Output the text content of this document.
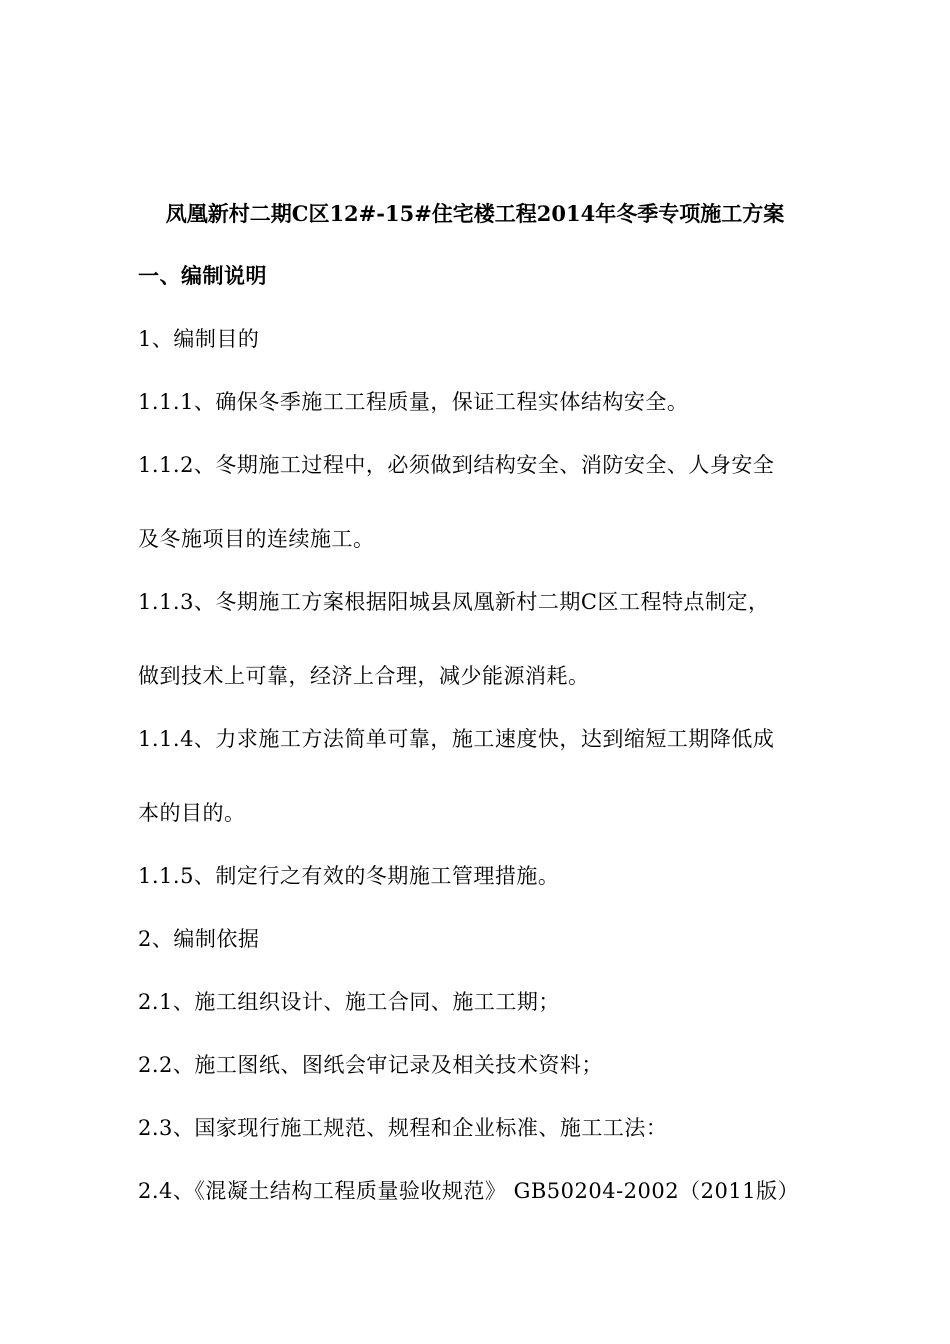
凤凰新村二期C区12#-15#住宅楼工程2014年冬季专项施工方案
一、编制说明
1、编制目的
1.1.1、确保冬季施工工程质量，保证工程实体结构安全。
1.1.2、冬期施工过程中，必须做到结构安全、消防安全、人身安全
及冬施项目的连续施工。
1.1.3、冬期施工方案根据阳城县凤凰新村二期C区工程特点制定，
做到技术上可靠，经济上合理，减少能源消耗。
1.1.4、力求施工方法简单可靠，施工速度快，达到缩短工期降低成
本的目的。
1.1.5、制定行之有效的冬期施工管理措施。
2、编制依据
2.1、施工组织设计、施工合同、施工工期；
2.2、施工图纸、图纸会审记录及相关技术资料；
2.3、国家现行施工规范、规程和企业标准、施工工法：
2.4、《混凝土结构工程质量验收规范》 GB50204-2002（2011版）
